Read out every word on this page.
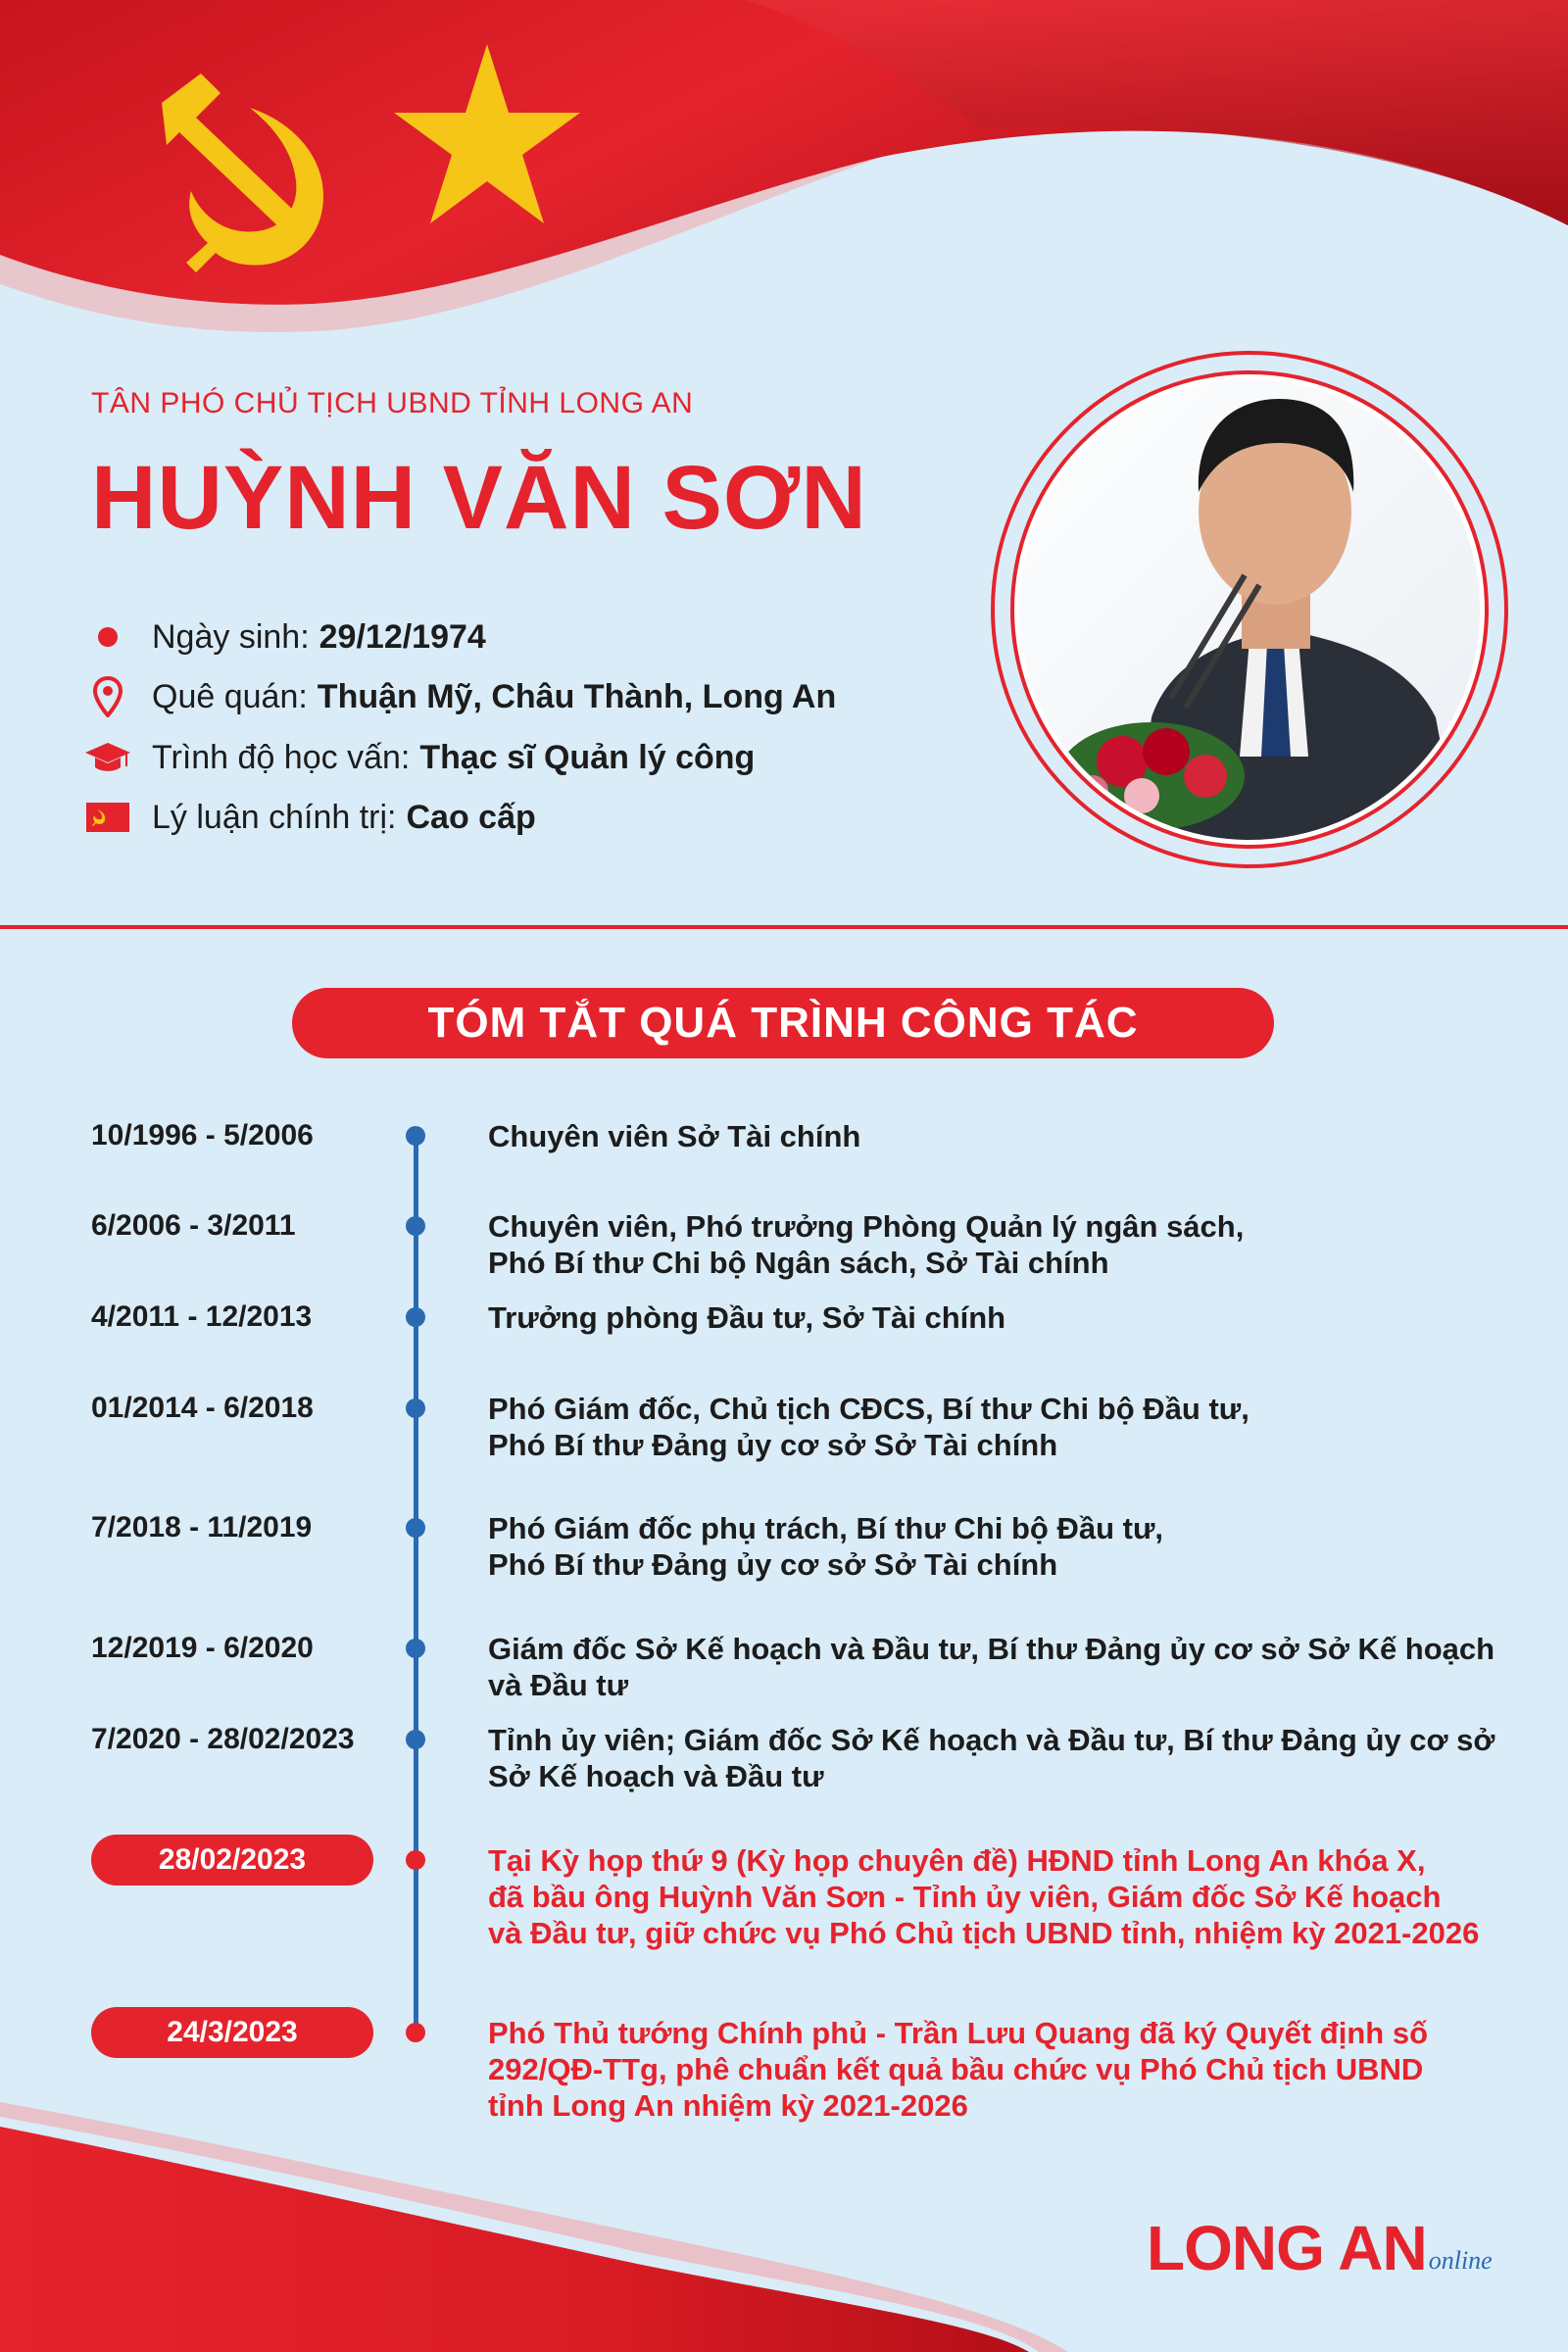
TÂN PHÓ CHỦ TỊCH UBND TỈNH LONG AN
HUỲNH VĂN SƠN
Ngày sinh: 29/12/1974
Quê quán: Thuận Mỹ, Châu Thành, Long An
Trình độ học vấn: Thạc sĩ Quản lý công
Lý luận chính trị: Cao cấp
TÓM TẮT QUÁ TRÌNH CÔNG TÁC
10/1996 - 5/2006	Chuyên viên Sở Tài chính
6/2006 - 3/2011	Chuyên viên, Phó trưởng Phòng Quản lý ngân sách,
Phó Bí thư Chi bộ Ngân sách, Sở Tài chính
4/2011 - 12/2013	Trưởng phòng Đầu tư, Sở Tài chính
01/2014 - 6/2018	Phó Giám đốc, Chủ tịch CĐCS, Bí thư Chi bộ Đầu tư,
Phó Bí thư Đảng ủy cơ sở Sở Tài chính
7/2018 - 11/2019	Phó Giám đốc phụ trách, Bí thư Chi bộ Đầu tư,
Phó Bí thư Đảng ủy cơ sở Sở Tài chính
12/2019 - 6/2020	Giám đốc Sở Kế hoạch và Đầu tư, Bí thư Đảng ủy cơ sở Sở Kế hoạch
và Đầu tư
7/2020 - 28/02/2023	Tỉnh ủy viên; Giám đốc Sở Kế hoạch và Đầu tư, Bí thư Đảng ủy cơ sở
Sở Kế hoạch và Đầu tư
28/02/2023	Tại Kỳ họp thứ 9 (Kỳ họp chuyên đề) HĐND tỉnh Long An khóa X,
đã bầu ông Huỳnh Văn Sơn - Tỉnh ủy viên, Giám đốc Sở Kế hoạch
và Đầu tư, giữ chức vụ Phó Chủ tịch UBND tỉnh, nhiệm kỳ 2021-2026
24/3/2023	Phó Thủ tướng Chính phủ - Trần Lưu Quang đã ký Quyết định số
292/QĐ-TTg, phê chuẩn kết quả bầu chức vụ Phó Chủ tịch UBND
tỉnh Long An nhiệm kỳ 2021-2026
LONG AN online
